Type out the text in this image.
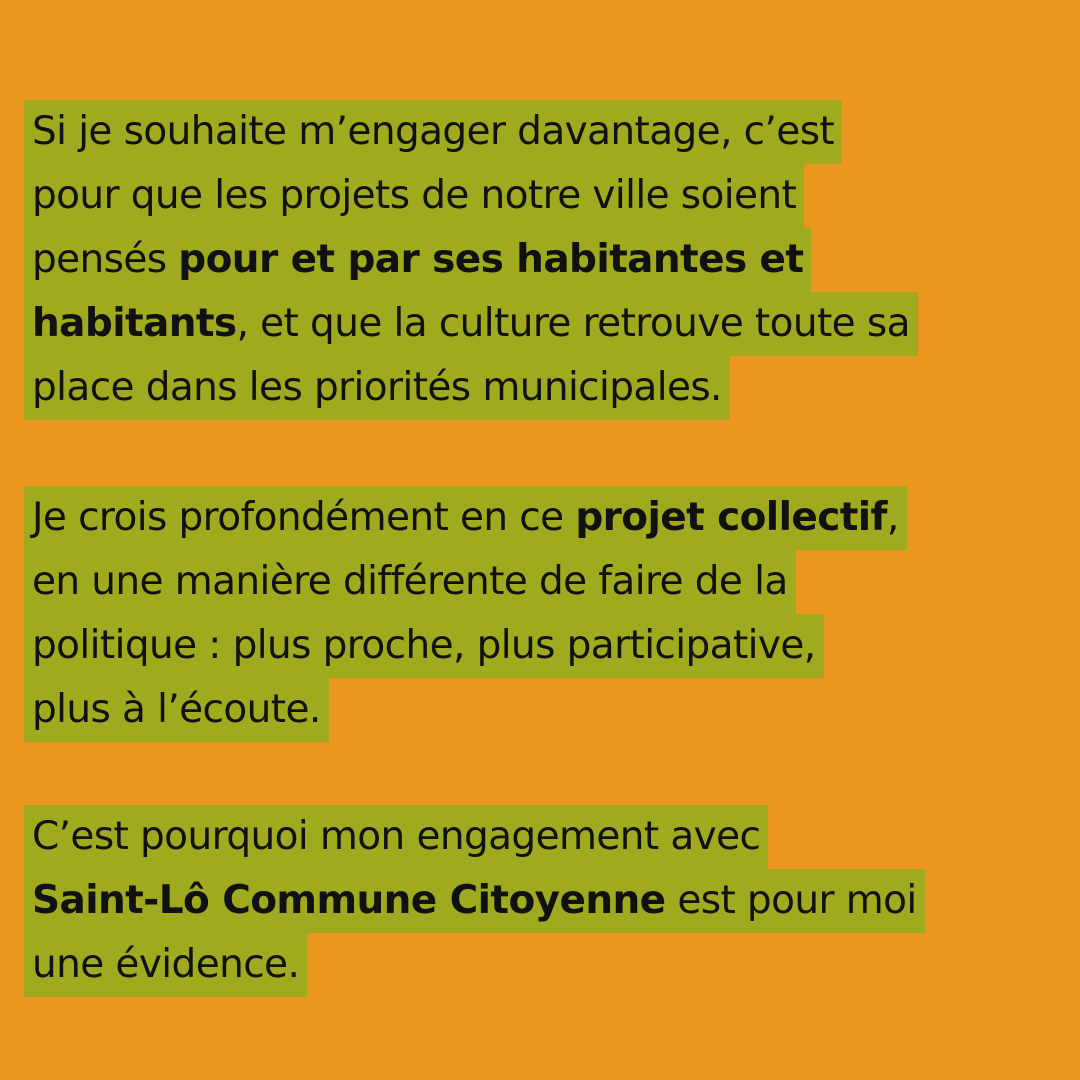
Si je souhaite m’engager davantage, c’est
pour que les projets de notre ville soient
pensés pour et par ses habitantes et
habitants, et que la culture retrouve toute sa
place dans les priorités municipales.
Je crois profondément en ce projet collectif,
en une manière différente de faire de la
politique : plus proche, plus participative,
plus à l’écoute.
C’est pourquoi mon engagement avec
Saint-Lô Commune Citoyenne est pour moi
une évidence.
